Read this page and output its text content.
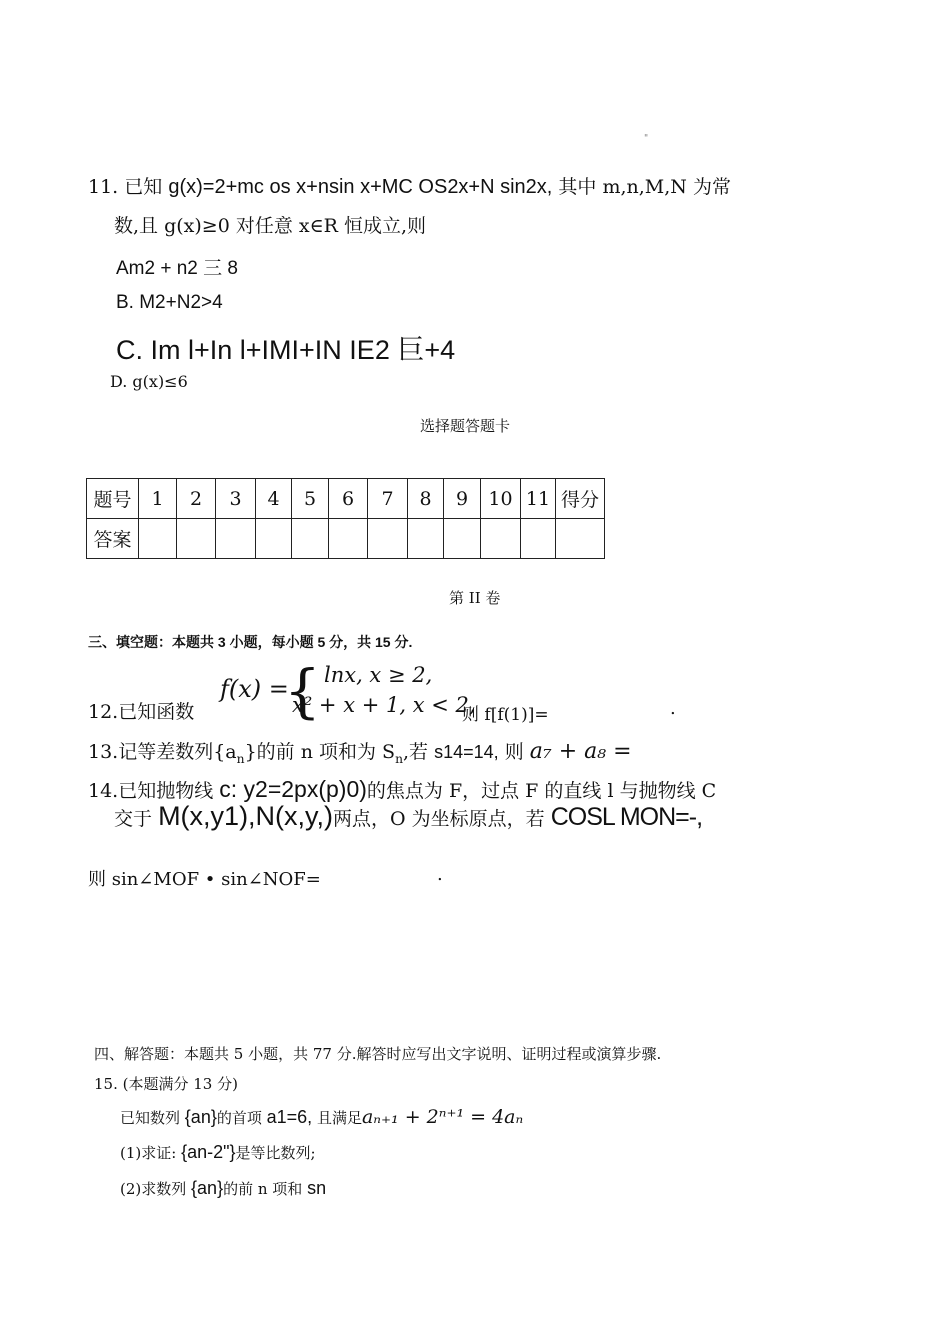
"
11. 已知 g(x)=2+mc os x+nsin x+MC OS2x+N sin2x, 其中 m,n,M,N 为常
数,且 g(x)≥0 对任意 x∈R 恒成立,则
Am2 + n2 三 8
B. M2+N2>4
C. Im l+In l+IMI+IN IE2 巨+4
D. g(x)≤6
选择题答题卡
题号	1	2	3	4	5	6	7	8	9	10	11	得分
答案												
第 II 卷
三、填空题：本题共 3 小题，每小题 5 分，共 15 分.
12.已知函数
f(x) =
{ lnx, x ≥ 2,
x² + x + 1, x < 2,
则 f[f(1)]=	.
13.记等差数列$\{a_n\}$的前 n 项和为 $S_n$,若 s14=14, 则 a₇ + a₈ =
14.已知抛物线 c: y2=2px(p)0)的焦点为 F，过点 F 的直线 l 与抛物线 C
交于 M(x,y1),N(x,y,)两点，O 为坐标原点，若 COSL MON=-,
则 sin∠MOF • sin∠NOF=	.
四、解答题：本题共 5 小题，共 77 分.解答时应写出文字说明、证明过程或演算步骤.
15. (本题满分 13 分)
已知数列 {an}的首项 a1=6, 且满足aₙ₊₁ + 2ⁿ⁺¹ = 4aₙ
(1)求证: {an-2"}是等比数列;
(2)求数列 {an}的前 n 项和 sn
